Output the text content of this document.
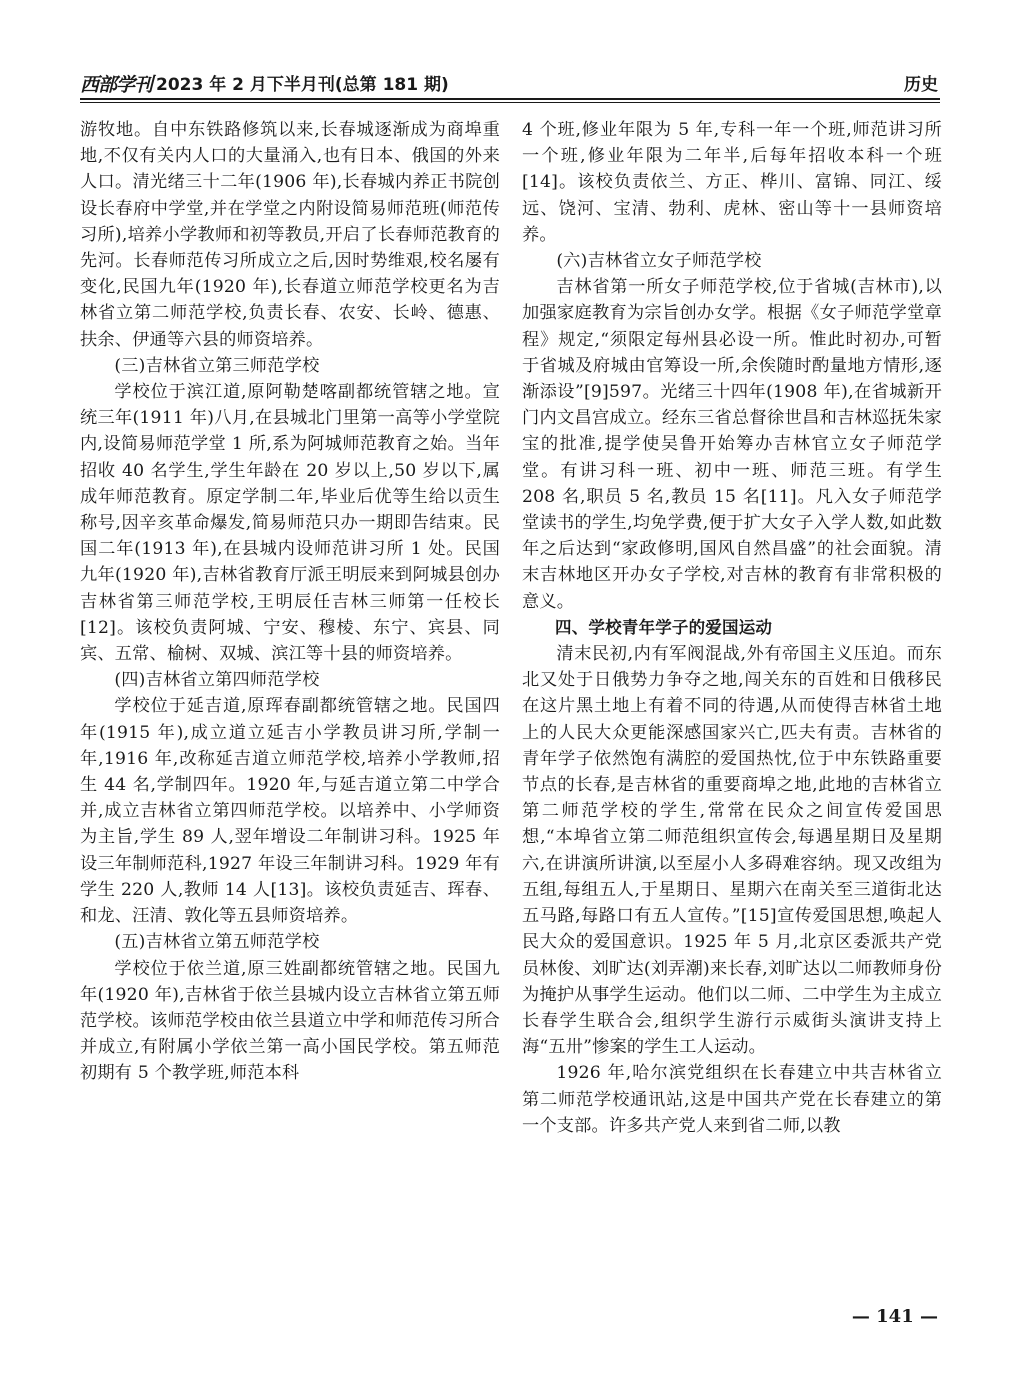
西部学刊 2023 年 2 月下半月刊(总第 181 期)	历史

游牧地。自中东铁路修筑以来,长春城逐渐成为商埠重地,不仅有关内人口的大量涌入,也有日本、俄国的外来人口。清光绪三十二年(1906 年),长春城内养正书院创设长春府中学堂,并在学堂之内附设简易师范班(师范传习所),培养小学教师和初等教员,开启了长春师范教育的先河。长春师范传习所成立之后,因时势维艰,校名屡有变化,民国九年(1920 年),长春道立师范学校更名为吉林省立第二师范学校,负责长春、农安、长岭、德惠、扶余、伊通等六县的师资培养。

(三)吉林省立第三师范学校

学校位于滨江道,原阿勒楚喀副都统管辖之地。宣统三年(1911 年)八月,在县城北门里第一高等小学堂院内,设简易师范学堂 1 所,系为阿城师范教育之始。当年招收 40 名学生,学生年龄在 20 岁以上,50 岁以下,属成年师范教育。原定学制二年,毕业后优等生给以贡生称号,因辛亥革命爆发,简易师范只办一期即告结束。民国二年(1913 年),在县城内设师范讲习所 1 处。民国九年(1920 年),吉林省教育厅派王明辰来到阿城县创办吉林省第三师范学校,王明辰任吉林三师第一任校长[12]。该校负责阿城、宁安、穆棱、东宁、宾县、同宾、五常、榆树、双城、滨江等十县的师资培养。

(四)吉林省立第四师范学校

学校位于延吉道,原珲春副都统管辖之地。民国四年(1915 年),成立道立延吉小学教员讲习所,学制一年,1916 年,改称延吉道立师范学校,培养小学教师,招生 44 名,学制四年。1920 年,与延吉道立第二中学合并,成立吉林省立第四师范学校。以培养中、小学师资为主旨,学生 89 人,翌年增设二年制讲习科。1925 年设三年制师范科,1927 年设三年制讲习科。1929 年有学生 220 人,教师 14 人[13]。该校负责延吉、珲春、和龙、汪清、敦化等五县师资培养。

(五)吉林省立第五师范学校

学校位于依兰道,原三姓副都统管辖之地。民国九年(1920 年),吉林省于依兰县城内设立吉林省立第五师范学校。该师范学校由依兰县道立中学和师范传习所合并成立,有附属小学依兰第一高小国民学校。第五师范初期有 5 个教学班,师范本科

4 个班,修业年限为 5 年,专科一年一个班,师范讲习所一个班,修业年限为二年半,后每年招收本科一个班[14]。该校负责依兰、方正、桦川、富锦、同江、绥远、饶河、宝清、勃利、虎林、密山等十一县师资培养。

(六)吉林省立女子师范学校

吉林省第一所女子师范学校,位于省城(吉林市),以加强家庭教育为宗旨创办女学。根据《女子师范学堂章程》规定,“须限定每州县必设一所。惟此时初办,可暂于省城及府城由官筹设一所,余俟随时酌量地方情形,逐渐添设”[9]597。光绪三十四年(1908 年),在省城新开门内文昌宫成立。经东三省总督徐世昌和吉林巡抚朱家宝的批准,提学使吴鲁开始筹办吉林官立女子师范学堂。有讲习科一班、初中一班、师范三班。有学生 208 名,职员 5 名,教员 15 名[11]。凡入女子师范学堂读书的学生,均免学费,便于扩大女子入学人数,如此数年之后达到“家政修明,国风自然昌盛”的社会面貌。清末吉林地区开办女子学校,对吉林的教育有非常积极的意义。

四、学校青年学子的爱国运动

清末民初,内有军阀混战,外有帝国主义压迫。而东北又处于日俄势力争夺之地,闯关东的百姓和日俄移民在这片黑土地上有着不同的待遇,从而使得吉林省土地上的人民大众更能深感国家兴亡,匹夫有责。吉林省的青年学子依然饱有满腔的爱国热忱,位于中东铁路重要节点的长春,是吉林省的重要商埠之地,此地的吉林省立第二师范学校的学生,常常在民众之间宣传爱国思想,“本埠省立第二师范组织宣传会,每遇星期日及星期六,在讲演所讲演,以至屋小人多碍难容纳。现又改组为五组,每组五人,于星期日、星期六在南关至三道街北达五马路,每路口有五人宣传。”[15]宣传爱国思想,唤起人民大众的爱国意识。1925 年 5 月,北京区委派共产党员林俊、刘旷达(刘弄潮)来长春,刘旷达以二师教师身份为掩护从事学生运动。他们以二师、二中学生为主成立长春学生联合会,组织学生游行示威街头演讲支持上海“五卅”惨案的学生工人运动。

1926 年,哈尔滨党组织在长春建立中共吉林省立第二师范学校通讯站,这是中国共产党在长春建立的第一个支部。许多共产党人来到省二师,以教

— 141 —
